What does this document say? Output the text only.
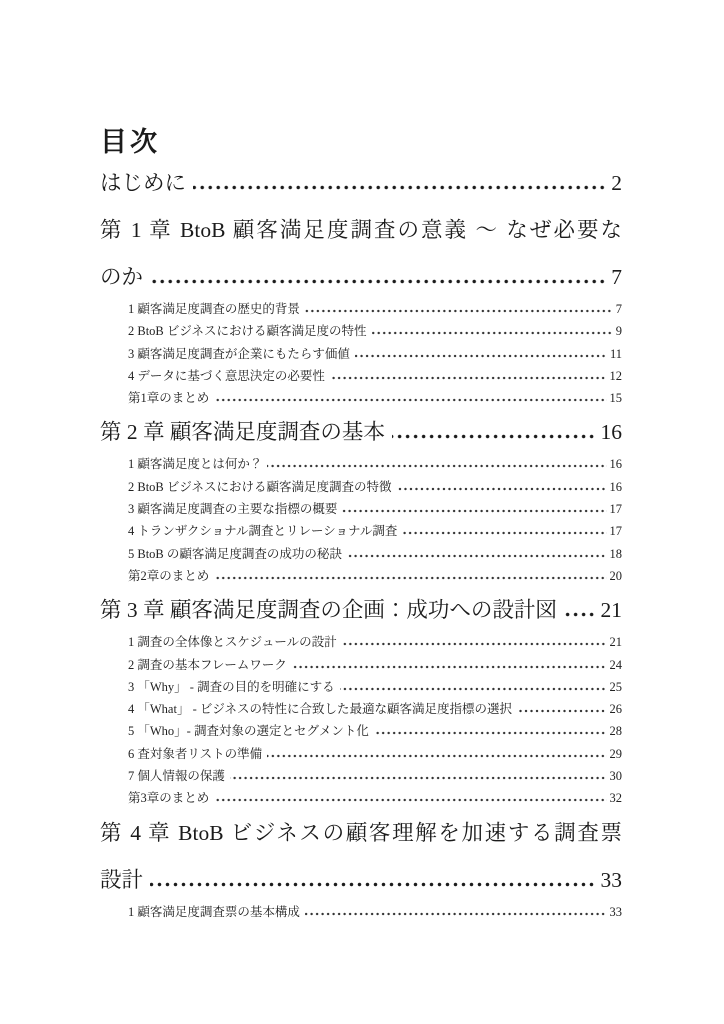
目次
はじめに	2
第 1 章 BtoB 顧客満足度調査の意義 ～ なぜ必要な
のか	7
1 顧客満足度調査の歴史的背景	7
2 BtoB ビジネスにおける顧客満足度の特性	9
3 顧客満足度調査が企業にもたらす価値	11
4 データに基づく意思決定の必要性	12
第1章のまとめ	15
第 2 章 顧客満足度調査の基本	16
1 顧客満足度とは何か？	16
2 BtoB ビジネスにおける顧客満足度調査の特徴	16
3 顧客満足度調査の主要な指標の概要	17
4 トランザクショナル調査とリレーショナル調査	17
5 BtoB の顧客満足度調査の成功の秘訣	18
第2章のまとめ	20
第 3 章 顧客満足度調査の企画：成功への設計図 21
1 調査の全体像とスケジュールの設計	21
2 調査の基本フレームワーク	24
3 「Why」 - 調査の目的を明確にする	25
4 「What」 - ビジネスの特性に合致した最適な顧客満足度指標の選択	26
5 「Who」- 調査対象の選定とセグメント化	28
6 査対象者リストの準備	29
7 個人情報の保護	30
第3章のまとめ	32
第 4 章 BtoB ビジネスの顧客理解を加速する調査票
設計	33
1 顧客満足度調査票の基本構成	33
